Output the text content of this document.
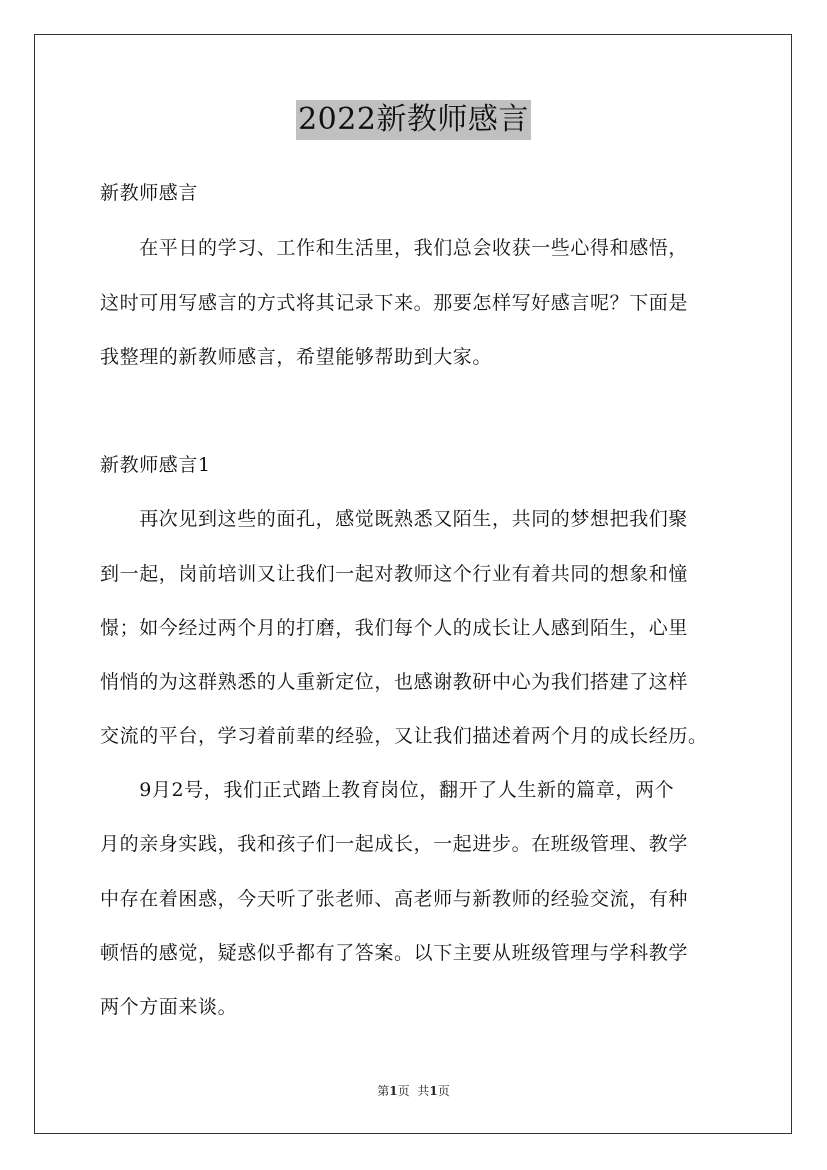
2022新教师感言
新教师感言
　　在平日的学习、工作和生活里，我们总会收获一些心得和感悟，
这时可用写感言的方式将其记录下来。那要怎样写好感言呢？下面是
我整理的新教师感言，希望能够帮助到大家。
新教师感言1
　　再次见到这些的面孔，感觉既熟悉又陌生，共同的梦想把我们聚
到一起，岗前培训又让我们一起对教师这个行业有着共同的想象和憧
憬；如今经过两个月的打磨，我们每个人的成长让人感到陌生，心里
悄悄的为这群熟悉的人重新定位，也感谢教研中心为我们搭建了这样
交流的平台，学习着前辈的经验，又让我们描述着两个月的成长经历。
　　9月2号，我们正式踏上教育岗位，翻开了人生新的篇章，两个
月的亲身实践，我和孩子们一起成长，一起进步。在班级管理、教学
中存在着困惑，今天听了张老师、高老师与新教师的经验交流，有种
顿悟的感觉，疑惑似乎都有了答案。以下主要从班级管理与学科教学
两个方面来谈。
第1页 共1页
